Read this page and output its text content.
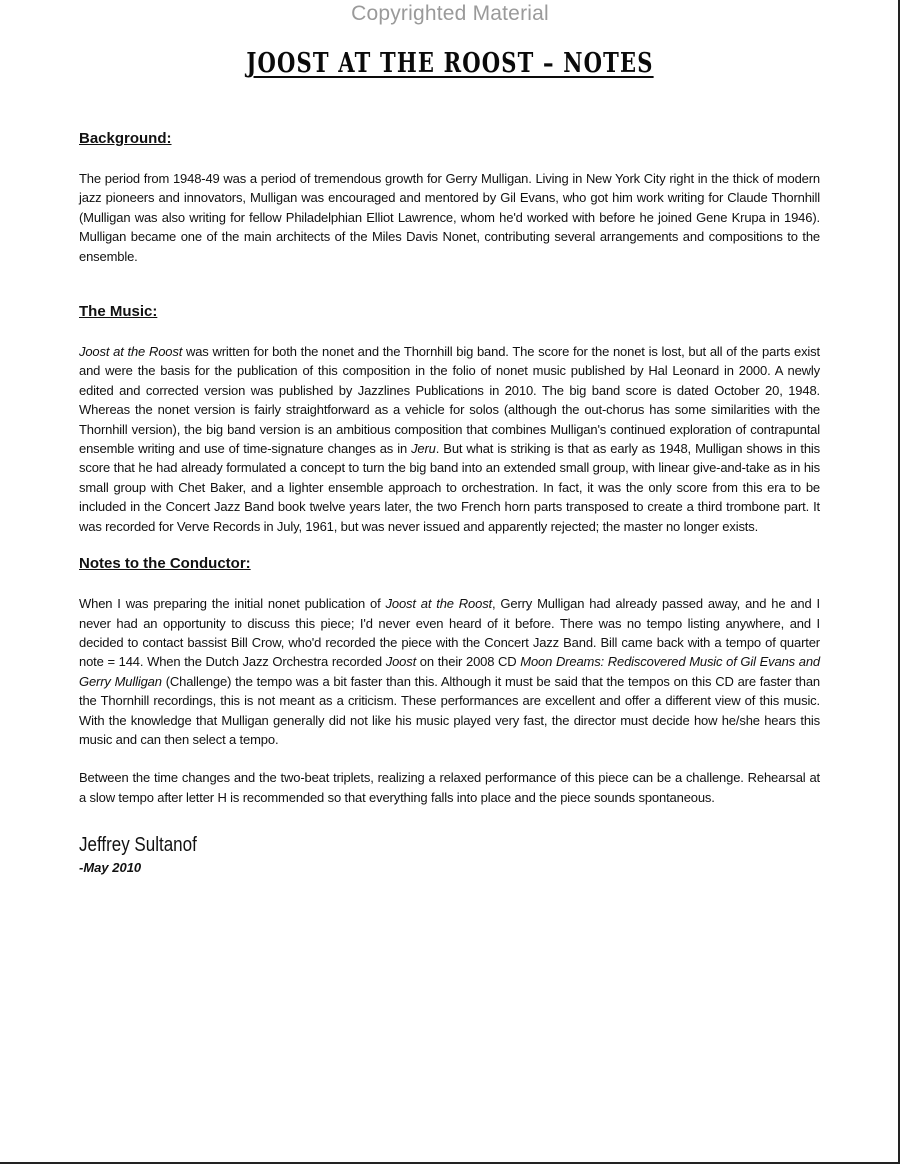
Copyrighted Material
JOOST AT THE ROOST – NOTES
Background:

The period from 1948-49 was a period of tremendous growth for Gerry Mulligan. Living in New York City right in the thick of modern jazz pioneers and innovators, Mulligan was encouraged and mentored by Gil Evans, who got him work writing for Claude Thornhill (Mulligan was also writing for fellow Philadelphian Elliot Lawrence, whom he'd worked with before he joined Gene Krupa in 1946). Mulligan became one of the main architects of the Miles Davis Nonet, contributing several arrangements and compositions to the ensemble.

The Music:

Joost at the Roost was written for both the nonet and the Thornhill big band. The score for the nonet is lost, but all of the parts exist and were the basis for the publication of this composition in the folio of nonet music published by Hal Leonard in 2000. A newly edited and corrected version was published by Jazzlines Publications in 2010. The big band score is dated October 20, 1948. Whereas the nonet version is fairly straightforward as a vehicle for solos (although the out-chorus has some similarities with the Thornhill version), the big band version is an ambitious composition that combines Mulligan's continued exploration of contrapuntal ensemble writing and use of time-signature changes as in Jeru. But what is striking is that as early as 1948, Mulligan shows in this score that he had already formulated a concept to turn the big band into an extended small group, with linear give-and-take as in his small group with Chet Baker, and a lighter ensemble approach to orchestration. In fact, it was the only score from this era to be included in the Concert Jazz Band book twelve years later, the two French horn parts transposed to create a third trombone part. It was recorded for Verve Records in July, 1961, but was never issued and apparently rejected; the master no longer exists.

Notes to the Conductor:

When I was preparing the initial nonet publication of Joost at the Roost, Gerry Mulligan had already passed away, and he and I never had an opportunity to discuss this piece; I'd never even heard of it before. There was no tempo listing anywhere, and I decided to contact bassist Bill Crow, who'd recorded the piece with the Concert Jazz Band. Bill came back with a tempo of quarter note = 144. When the Dutch Jazz Orchestra recorded Joost on their 2008 CD Moon Dreams: Rediscovered Music of Gil Evans and Gerry Mulligan (Challenge) the tempo was a bit faster than this. Although it must be said that the tempos on this CD are faster than the Thornhill recordings, this is not meant as a criticism. These performances are excellent and offer a different view of this music. With the knowledge that Mulligan generally did not like his music played very fast, the director must decide how he/she hears this music and can then select a tempo.

Between the time changes and the two-beat triplets, realizing a relaxed performance of this piece can be a challenge. Rehearsal at a slow tempo after letter H is recommended so that everything falls into place and the piece sounds spontaneous.

Jeffrey Sultanof
-May 2010
